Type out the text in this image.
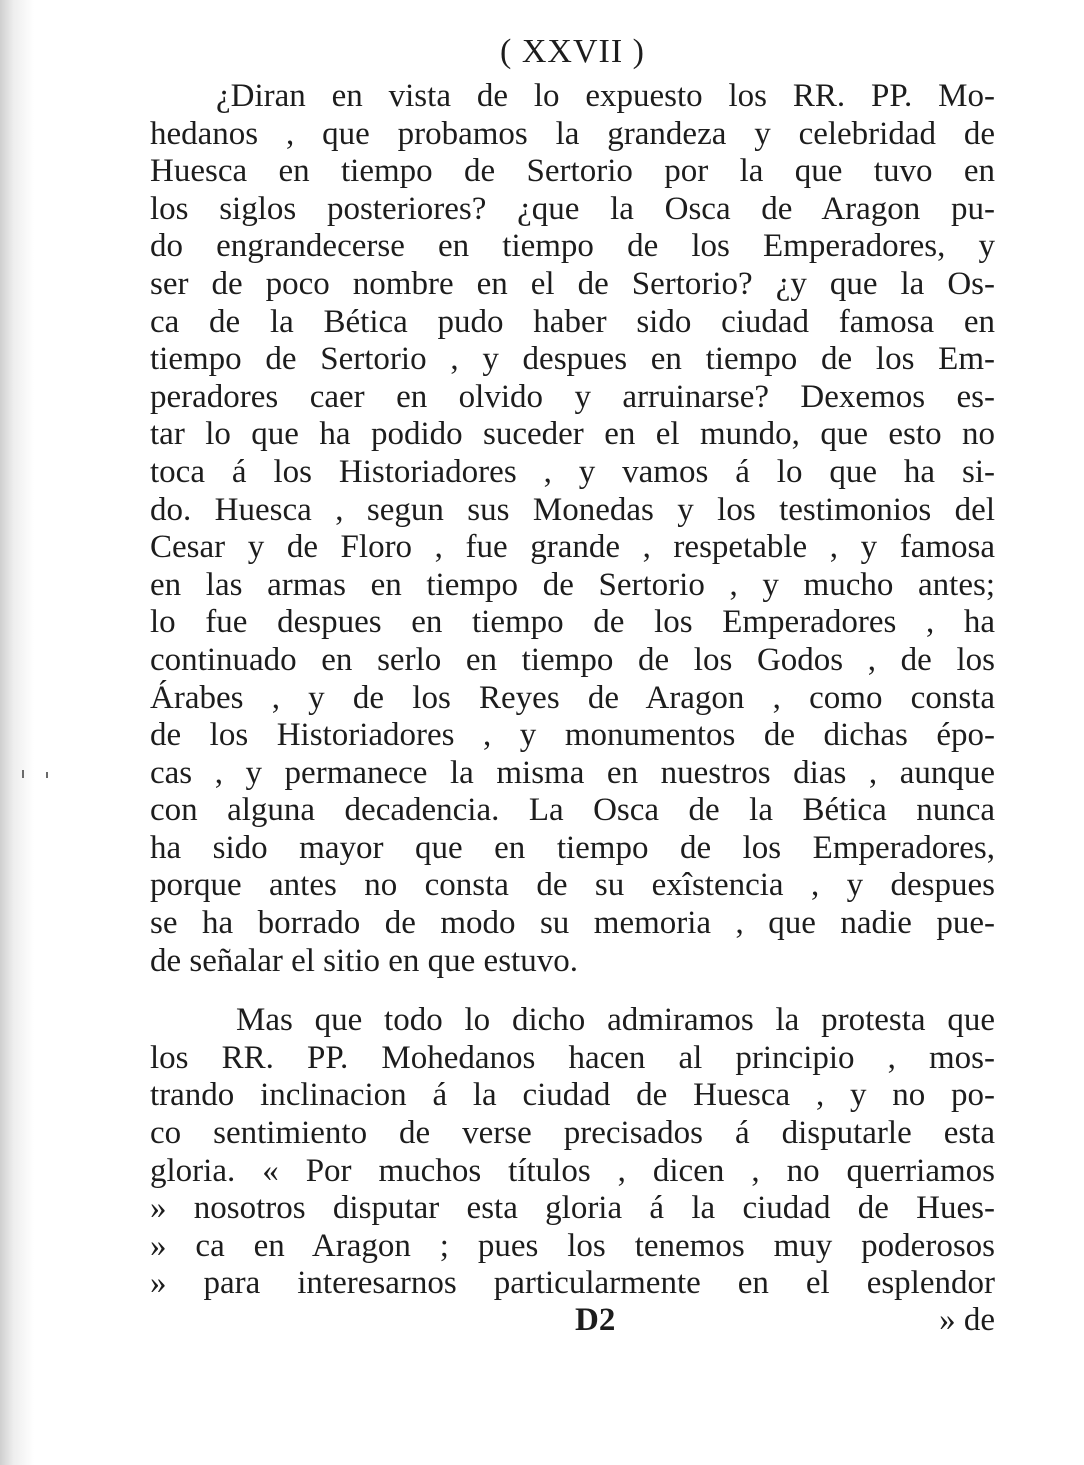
( XXVII )
¿Diran en vista de lo expuesto los RR. PP. Mo-
hedanos , que probamos la grandeza y celebridad de
Huesca en tiempo de Sertorio por la que tuvo en
los siglos posteriores? ¿que la Osca de Aragon pu-
do engrandecerse en tiempo de los Emperadores, y
ser de poco nombre en el de Sertorio? ¿y que la Os-
ca de la Bética pudo haber sido ciudad famosa en
tiempo de Sertorio , y despues en tiempo de los Em-
peradores caer en olvido y arruinarse? Dexemos es-
tar lo que ha podido suceder en el mundo, que esto no
toca á los Historiadores , y vamos á lo que ha si-
do. Huesca , segun sus Monedas y los testimonios del
Cesar y de Floro , fue grande , respetable , y famosa
en las armas en tiempo de Sertorio , y mucho antes;
lo fue despues en tiempo de los Emperadores , ha
continuado en serlo en tiempo de los Godos , de los
Árabes , y de los Reyes de Aragon , como consta
de los Historiadores , y monumentos de dichas épo-
cas , y permanece la misma en nuestros dias , aunque
con alguna decadencia. La Osca de la Bética nunca
ha sido mayor que en tiempo de los Emperadores,
porque antes no consta de su exîstencia , y despues
se ha borrado de modo su memoria , que nadie pue-
de señalar el sitio en que estuvo.
Mas que todo lo dicho admiramos la protesta que
los RR. PP. Mohedanos hacen al principio , mos-
trando inclinacion á la ciudad de Huesca , y no po-
co sentimiento de verse precisados á disputarle esta
gloria. « Por muchos títulos , dicen , no querriamos
» nosotros disputar esta gloria á la ciudad de Hues-
» ca en Aragon ; pues los tenemos muy poderosos
» para interesarnos particularmente en el esplendor
D2	» de
